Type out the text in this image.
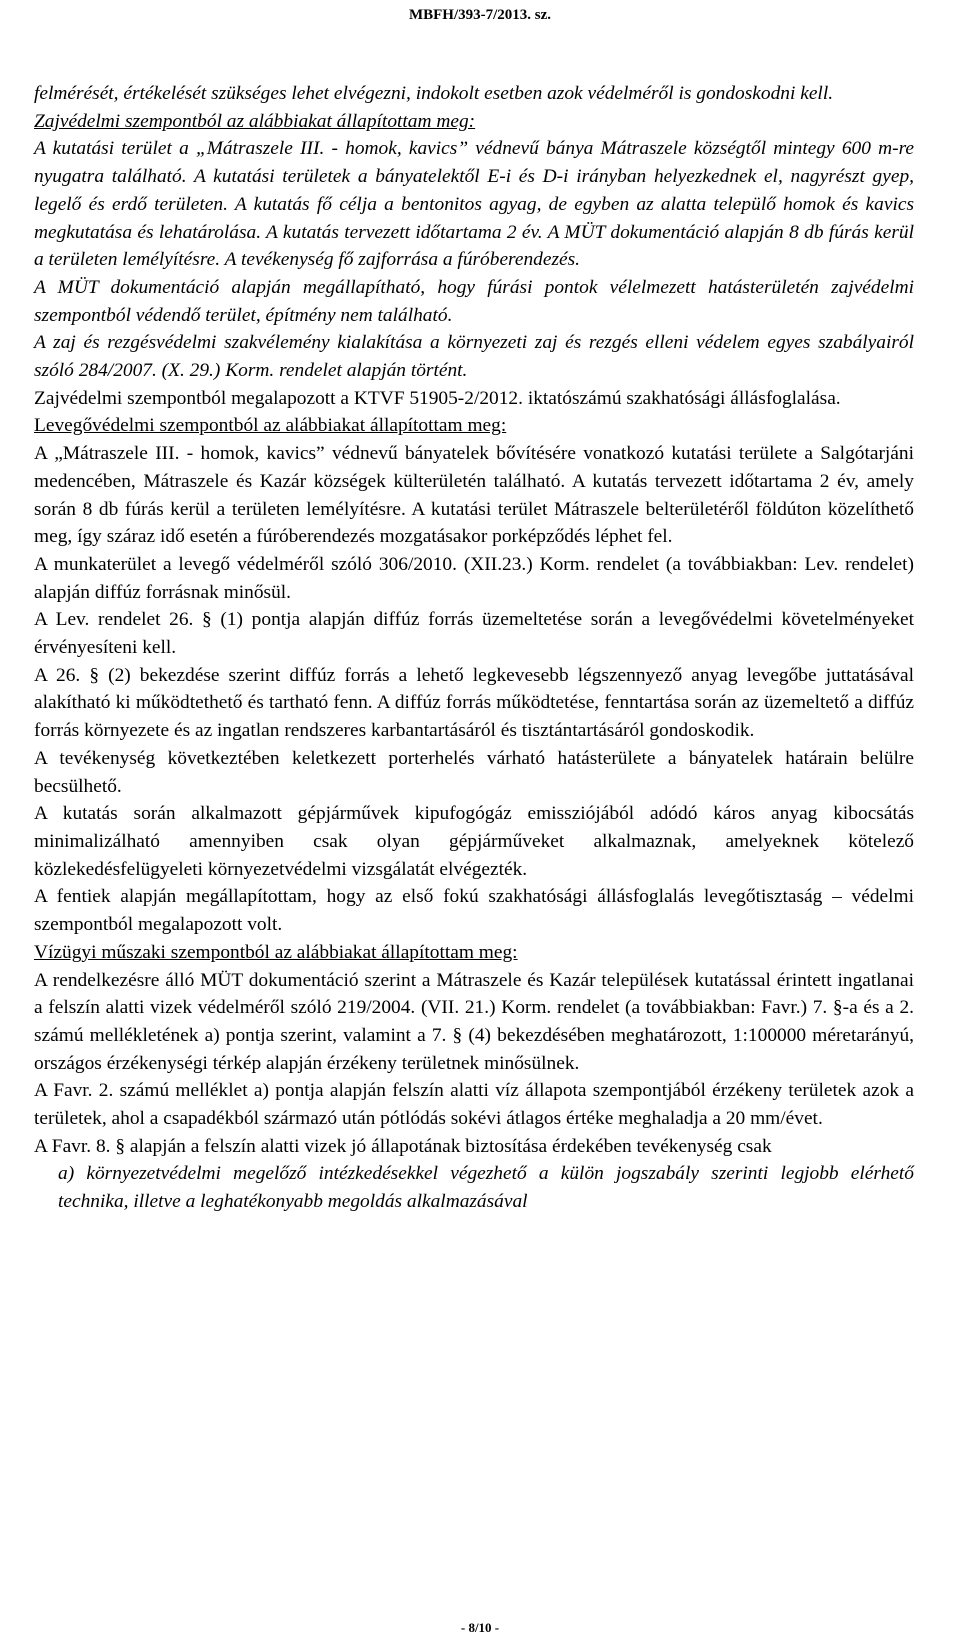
MBFH/393-7/2013. sz.

felmérését, értékelését szükséges lehet elvégezni, indokolt esetben azok védelméről is gondoskodni kell.

Zajvédelmi szempontból az alábbiakat állapítottam meg:

A kutatási terület a „Mátraszele III. - homok, kavics” védnevű bánya Mátraszele községtől mintegy 600 m-re nyugatra található. A kutatási területek a bányatelektől E-i és D-i irányban helyezkednek el, nagyrészt gyep, legelő és erdő területen. A kutatás fő célja a bentonitos agyag, de egyben az alatta települő homok és kavics megkutatása és lehatárolása. A kutatás tervezett időtartama 2 év. A MÜT dokumentáció alapján 8 db fúrás kerül a területen lemélyítésre. A tevékenység fő zajforrása a fúróberendezés.

A MÜT dokumentáció alapján megállapítható, hogy fúrási pontok vélelmezett hatásterületén zajvédelmi szempontból védendő terület, építmény nem található.

A zaj és rezgésvédelmi szakvélemény kialakítása a környezeti zaj és rezgés elleni védelem egyes szabályairól szóló 284/2007. (X. 29.) Korm. rendelet alapján történt.

Zajvédelmi szempontból megalapozott a KTVF 51905-2/2012. iktatószámú szakhatósági állásfoglalása.

Levegővédelmi szempontból az alábbiakat állapítottam meg:

A „Mátraszele III. - homok, kavics” védnevű bányatelek bővítésére vonatkozó kutatási területe a Salgótarjáni medencében, Mátraszele és Kazár községek külterületén található. A kutatás tervezett időtartama 2 év, amely során 8 db fúrás kerül a területen lemélyítésre. A kutatási terület Mátraszele belterületéről földúton közelíthető meg, így száraz idő esetén a fúróberendezés mozgatásakor porképződés léphet fel.

A munkaterület a levegő védelméről szóló 306/2010. (XII.23.) Korm. rendelet (a továbbiakban: Lev. rendelet) alapján diffúz forrásnak minősül.

A Lev. rendelet 26. § (1) pontja alapján diffúz forrás üzemeltetése során a levegővédelmi követelményeket érvényesíteni kell.

A 26. § (2) bekezdése szerint diffúz forrás a lehető legkevesebb légszennyező anyag levegőbe juttatásával alakítható ki működtethető és tartható fenn. A diffúz forrás működtetése, fenntartása során az üzemeltető a diffúz forrás környezete és az ingatlan rendszeres karbantartásáról és tisztántartásáról gondoskodik.

A tevékenység következtében keletkezett porterhelés várható hatásterülete a bányatelek határain belülre becsülhető.

A kutatás során alkalmazott gépjárművek kipufogógáz emissziójából adódó káros anyag kibocsátás minimalizálható amennyiben csak olyan gépjárműveket alkalmaznak, amelyeknek kötelező közlekedésfelügyeleti környezetvédelmi vizsgálatát elvégezték.

A fentiek alapján megállapítottam, hogy az első fokú szakhatósági állásfoglalás levegőtisztaság – védelmi szempontból megalapozott volt.

Vízügyi műszaki szempontból az alábbiakat állapítottam meg:

A rendelkezésre álló MÜT dokumentáció szerint a Mátraszele és Kazár települések kutatással érintett ingatlanai a felszín alatti vizek védelméről szóló 219/2004. (VII. 21.) Korm. rendelet (a továbbiakban: Favr.) 7. §-a és a 2. számú mellékletének a) pontja szerint, valamint a 7. § (4) bekezdésében meghatározott, 1:100000 méretarányú, országos érzékenységi térkép alapján érzékeny területnek minősülnek.

A Favr. 2. számú melléklet a) pontja alapján felszín alatti víz állapota szempontjából érzékeny területek azok a területek, ahol a csapadékból származó után pótlódás sokévi átlagos értéke meghaladja a 20 mm/évet.

A Favr. 8. § alapján a felszín alatti vizek jó állapotának biztosítása érdekében tevékenység csak

a) környezetvédelmi megelőző intézkedésekkel végezhető a külön jogszabály szerinti legjobb elérhető technika, illetve a leghatékonyabb megoldás alkalmazásával

- 8/10 -
